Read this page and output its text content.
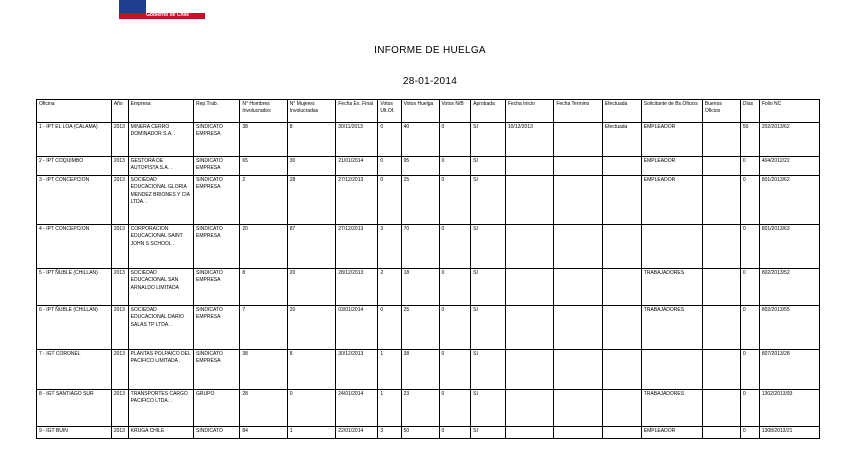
Gobierno de Chile
INFORME DE HUELGA
28-01-2014
Oficina	Año	Empresa	Rep.Trab.	N° Hombres Involucrados	N° Mujeres Involucradas	Fecha Ex. Final	Votos Ult.Of.	Votos Huelga	Votos N/B	Aprobada	Fecha Inicio	Fecha Termino	Efectuada	Solicitante de Bs.Oficios	Buenos Oficios	Días	Folio NC
1 - IPT EL LOA (CALAMA)	2013	MINERA CERRO DOMINADOR S.A. .	SINDICATO EMPRESA	38	8	30/11/2013	0	40	0	SI	10/12/2013		Efectuada	EMPLEADOR		50	202/2013/62
2 - IPT COQUIMBO	2013	GESTORA DE AUTOPISTA S.A. .	SINDICATO EMPRESA	65	30	21/01/2014	0	95	0	SI				EMPLEADOR		0	404/2012/22
3 - IPT CONCEPCION	2013	SOCIEDAD EDUCACIONAL GLORIA MENDEZ BRIONES Y CIA LTDA. .	SINDICATO EMPRESA	2	28	27/12/2013	0	25	0	SI				EMPLEADOR		0	801/2013/62
4 - IPT CONCEPCION	2013	CORPORACION EDUCACIONAL SAINT JOHN S SCHOOL .	SINDICATO EMPRESA	20	87	27/12/2013	3	70	0	SI						0	801/2013/63
5 - IPT ÑUBLE (CHILLAN)	2013	SOCIEDAD EDUCACIONAL SAN ARNALDO LIMITADA	SINDICATO EMPRESA	8	20	28/12/2013	2	18	0	SI				TRABAJADORES		0	802/2013/52
6 - IPT ÑUBLE (CHILLAN)	2013	SOCIEDAD EDUCACIONAL DARIO SALAS TP LTDA. .	SINDICATO EMPRESA	7	20	03/01/2014	0	25	0	SI				TRABAJADORES		0	802/2013/55
7 - IGT CORONEL	2013	PLANTAS POLPAICO DEL PACIFICO LIMITADA .	SINDICATO EMPRESA	38	8	30/12/2013	1	38	0	SI						0	807/2013/28
8 - IGT SANTIAGO SUR	2013	TRANSPORTES CARGO PACIFICO LTDA. .	GRUPO	28	0	24/01/2014	1	23	0	SI				TRABAJADORES		0	1302/2013/93
9 - IGT BUIN	2013	KRUGA CHILE	SINDICATO	84	1	22/01/2014	3	50	0	SI				EMPLEADOR		0	1308/2013/21
